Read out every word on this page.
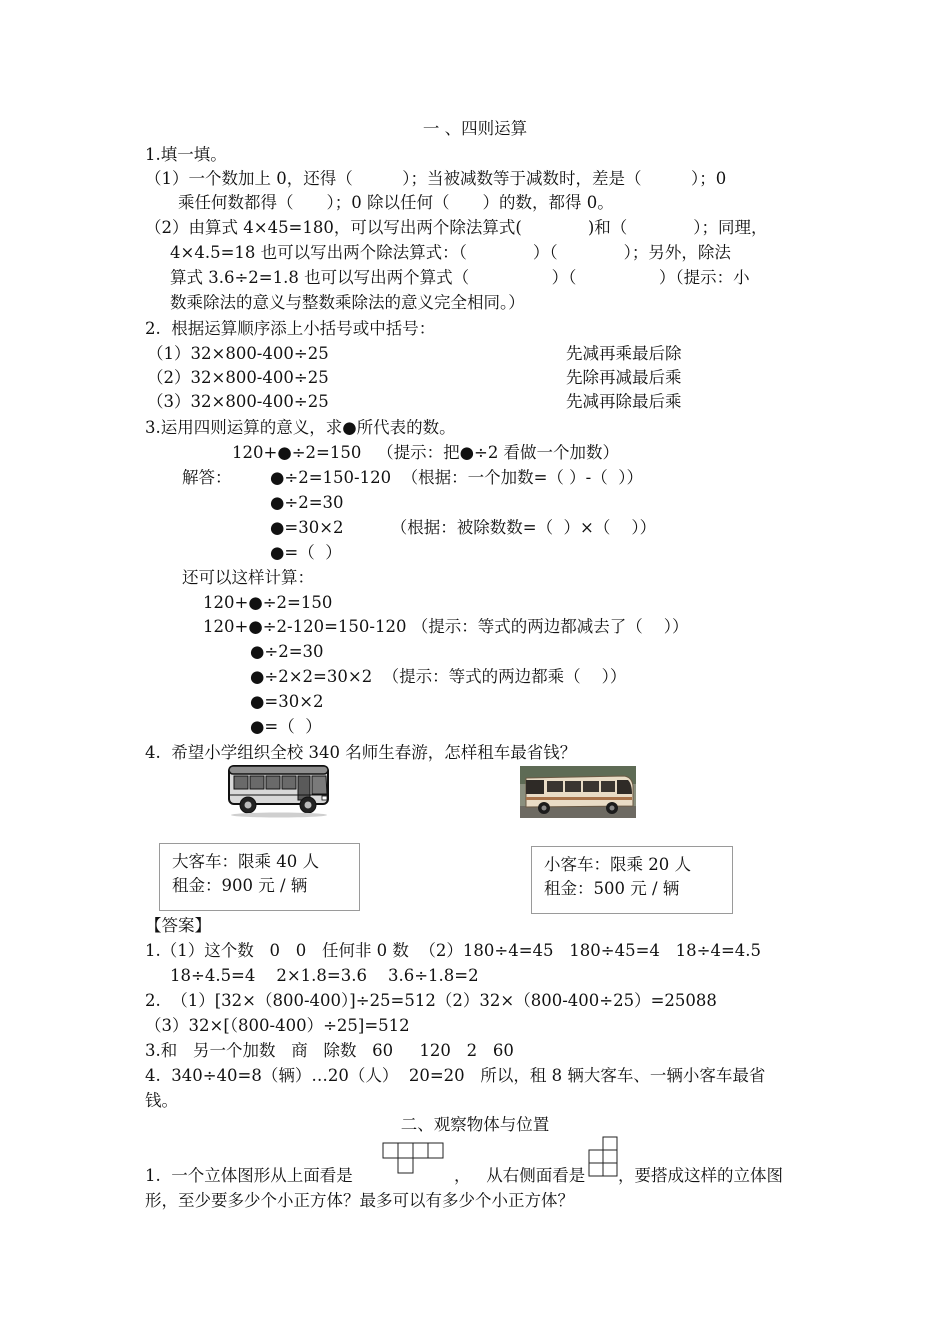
一 、四则运算
1.填一填。
（1）一个数加上 0，还得（　　　）；当被减数等于减数时，差是（　　　）；0
乘任何数都得（　　）；0 除以任何（　　）的数，都得 0。
（2）由算式 4×45=180，可以写出两个除法算式(　　　　)和（　　　　）；同理，
4×4.5=18 也可以写出两个除法算式：（　　　　）（　　　　）；另外，除法
算式 3.6÷2=1.8 也可以写出两个算式（　　　　　）（　　　　　）（提示：小
数乘除法的意义与整数乘除法的意义完全相同。）
2.  根据运算顺序添上小括号或中括号：
（1）32×800-400÷25	先减再乘最后除
（2）32×800-400÷25	先除再减最后乘
（3）32×800-400÷25	先减再除最后乘
3.运用四则运算的意义，求●所代表的数。
120+●÷2=150   （提示：把●÷2 看做一个加数）
解答： ●÷2=150-120  （根据：一个加数=（ ）-（  ））
●÷2=30
●=30×2         （根据：被除数数=（  ）×（    ））
●=（  ）
还可以这样计算：
120+●÷2=150
120+●÷2-120=150-120 （提示：等式的两边都减去了（    ））
●÷2=30
●÷2×2=30×2  （提示：等式的两边都乘（    ））
●=30×2
●=（  ）
4.  希望小学组织全校 340 名师生春游，怎样租车最省钱？
大客车：限乘 40 人
租金：900 元 / 辆
小客车：限乘 20 人
租金：500 元 / 辆
【答案】
1.（1）这个数   0   0   任何非 0 数  （2）180÷4=45   180÷45=4   18÷4=4.5
18÷4.5=4    2×1.8=3.6    3.6÷1.8=2
2.  （1）[32×（800-400）]÷25=512（2）32×（800-400÷25）=25088
（3）32×[（800-400）÷25]=512
3.和   另一个加数   商   除数   60     120   2   60
4.  340÷40=8（辆）…20（人）  20=20   所以，租 8 辆大客车、一辆小客车最省
钱。
二、观察物体与位置
1.  一个立体图形从上面看是	，   从右侧面看是 ，要搭成这样的立体图
形，至少要多少个小正方体？最多可以有多少个小正方体？
